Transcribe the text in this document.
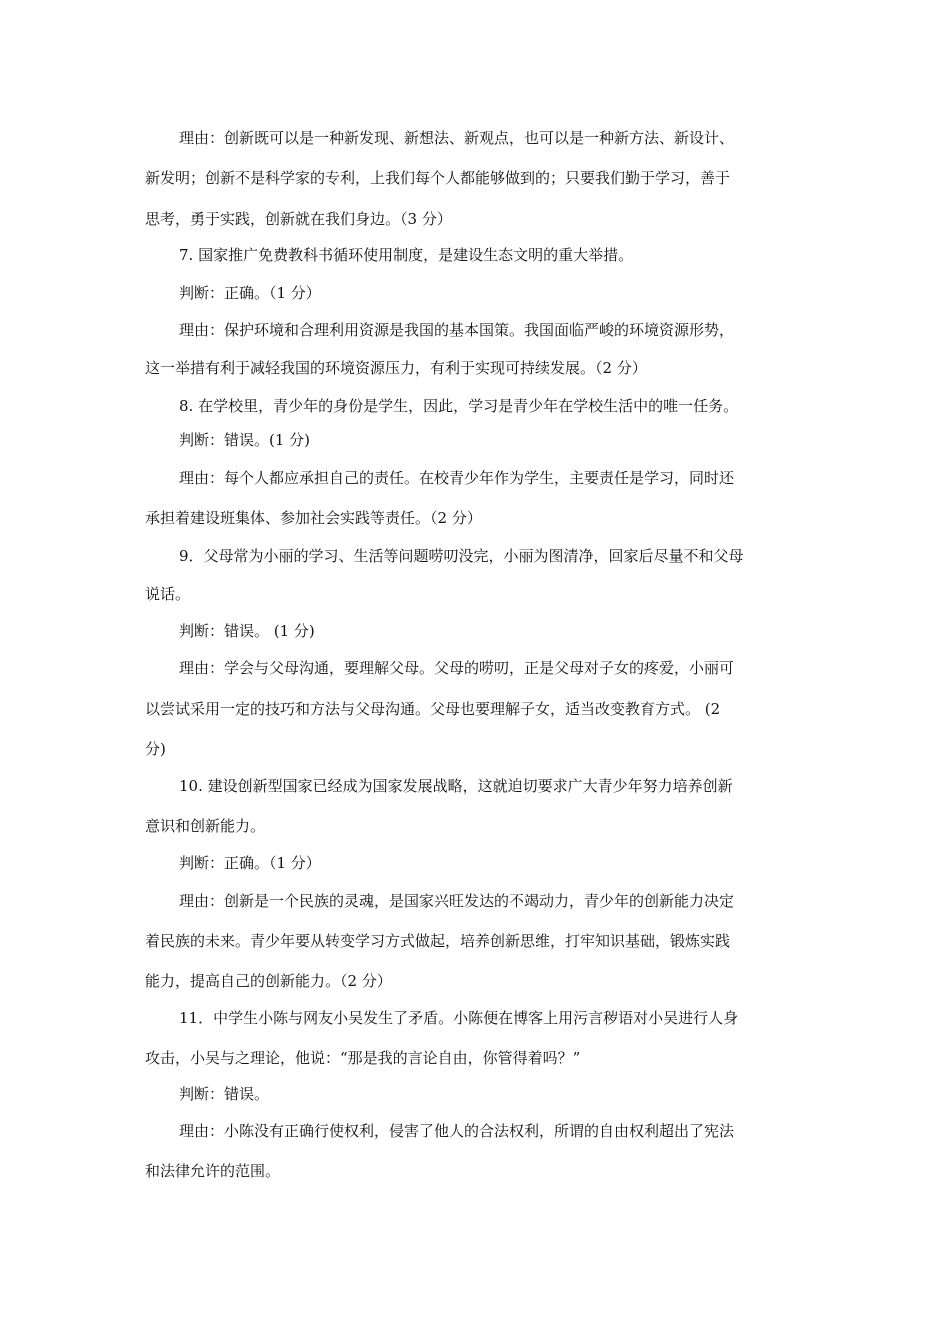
理由：创新既可以是一种新发现、新想法、新观点，也可以是一种新方法、新设计、
新发明；创新不是科学家的专利，上我们每个人都能够做到的；只要我们勤于学习，善于
思考，勇于实践，创新就在我们身边。（3 分）
7. 国家推广免费教科书循环使用制度，是建设生态文明的重大举措。
判断：正确。（1 分）
理由：保护环境和合理利用资源是我国的基本国策。我国面临严峻的环境资源形势，
这一举措有利于减轻我国的环境资源压力，有利于实现可持续发展。（2 分）
8. 在学校里，青少年的身份是学生，因此，学习是青少年在学校生活中的唯一任务。
判断：错误。(1 分)
理由：每个人都应承担自己的责任。在校青少年作为学生，主要责任是学习，同时还
承担着建设班集体、参加社会实践等责任。（2 分）
9．父母常为小丽的学习、生活等问题唠叨没完，小丽为图清净，回家后尽量不和父母
说话。
判断：错误。 (1 分)
理由：学会与父母沟通，要理解父母。父母的唠叨，正是父母对子女的疼爱，小丽可
以尝试采用一定的技巧和方法与父母沟通。父母也要理解子女，适当改变教育方式。 (2
分)
10. 建设创新型国家已经成为国家发展战略，这就迫切要求广大青少年努力培养创新
意识和创新能力。
判断：正确。（1 分）
理由：创新是一个民族的灵魂，是国家兴旺发达的不竭动力，青少年的创新能力决定
着民族的未来。青少年要从转变学习方式做起，培养创新思维，打牢知识基础，锻炼实践
能力，提高自己的创新能力。（2 分）
11．中学生小陈与网友小吴发生了矛盾。小陈便在博客上用污言秽语对小吴进行人身
攻击，小吴与之理论，他说：“那是我的言论自由，你管得着吗？”
判断：错误。
理由：小陈没有正确行使权利，侵害了他人的合法权利，所谓的自由权利超出了宪法
和法律允许的范围。
